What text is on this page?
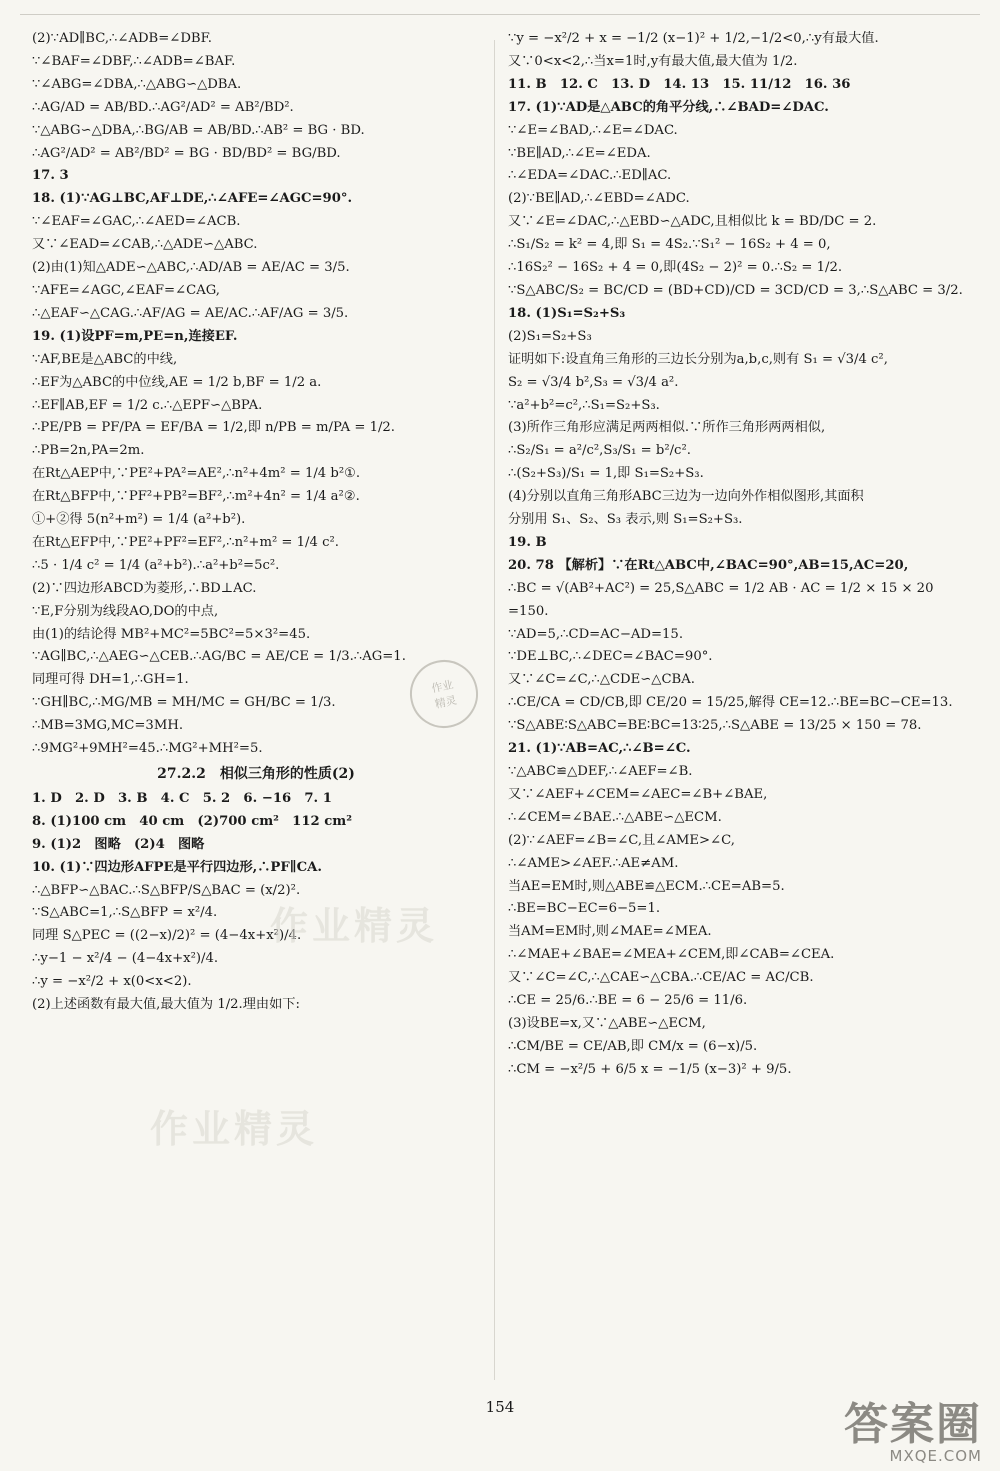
(2)∵AD∥BC,∴∠ADB=∠DBF.
∵∠BAF=∠DBF,∴∠ADB=∠BAF.
∵∠ABG=∠DBA,∴△ABG∽△DBA.
∴AG/AD = AB/BD.∴AG²/AD² = AB²/BD².
∵△ABG∽△DBA,∴BG/AB = AB/BD.∴AB² = BG · BD.
∴AG²/AD² = AB²/BD² = BG · BD/BD² = BG/BD.
17. 3
18. (1)∵AG⊥BC,AF⊥DE,∴∠AFE=∠AGC=90°.
∵∠EAF=∠GAC,∴∠AED=∠ACB.
又∵∠EAD=∠CAB,∴△ADE∽△ABC.
(2)由(1)知△ADE∽△ABC,∴AD/AB = AE/AC = 3/5.
∵AFE=∠AGC,∠EAF=∠CAG,
∴△EAF∽△CAG.∴AF/AG = AE/AC.∴AF/AG = 3/5.
19. (1)设PF=m,PE=n,连接EF.
∵AF,BE是△ABC的中线,
∴EF为△ABC的中位线,AE = 1/2 b,BF = 1/2 a.
∴EF∥AB,EF = 1/2 c.∴△EPF∽△BPA.
∴PE/PB = PF/PA = EF/BA = 1/2,即 n/PB = m/PA = 1/2.
∴PB=2n,PA=2m.
在Rt△AEP中,∵PE²+PA²=AE²,∴n²+4m² = 1/4 b²①.
在Rt△BFP中,∵PF²+PB²=BF²,∴m²+4n² = 1/4 a²②.
①+②得 5(n²+m²) = 1/4 (a²+b²).
在Rt△EFP中,∵PE²+PF²=EF²,∴n²+m² = 1/4 c².
∴5 · 1/4 c² = 1/4 (a²+b²).∴a²+b²=5c².
(2)∵四边形ABCD为菱形,∴BD⊥AC.
∵E,F分别为线段AO,DO的中点,
由(1)的结论得 MB²+MC²=5BC²=5×3²=45.
∵AG∥BC,∴△AEG∽△CEB.∴AG/BC = AE/CE = 1/3.∴AG=1.
同理可得 DH=1,∴GH=1.
∵GH∥BC,∴MG/MB = MH/MC = GH/BC = 1/3.
∴MB=3MG,MC=3MH.
∴9MG²+9MH²=45.∴MG²+MH²=5.
27.2.2　相似三角形的性质(2)
1. D　2. D　3. B　4. C　5. 2　6. −16　7. 1
8. (1)100 cm　40 cm　(2)700 cm²　112 cm²
9. (1)2　图略　(2)4　图略
10. (1)∵四边形AFPE是平行四边形,∴PF∥CA.
∴△BFP∽△BAC.∴S△BFP/S△BAC = (x/2)².
∵S△ABC=1,∴S△BFP = x²/4.
同理 S△PEC = ((2−x)/2)² = (4−4x+x²)/4.
∴y−1 − x²/4 − (4−4x+x²)/4.
∴y = −x²/2 + x(0<x<2).
(2)上述函数有最大值,最大值为 1/2.理由如下:
∵y = −x²/2 + x = −1/2 (x−1)² + 1/2,−1/2<0,∴y有最大值.
又∵0<x<2,∴当x=1时,y有最大值,最大值为 1/2.
11. B　12. C　13. D　14. 13　15. 11/12　16. 36
17. (1)∵AD是△ABC的角平分线,∴∠BAD=∠DAC.
∵∠E=∠BAD,∴∠E=∠DAC.
∵BE∥AD,∴∠E=∠EDA.
∴∠EDA=∠DAC.∴ED∥AC.
(2)∵BE∥AD,∴∠EBD=∠ADC.
又∵∠E=∠DAC,∴△EBD∽△ADC,且相似比 k = BD/DC = 2.
∴S₁/S₂ = k² = 4,即 S₁ = 4S₂.∵S₁² − 16S₂ + 4 = 0,
∴16S₂² − 16S₂ + 4 = 0,即(4S₂ − 2)² = 0.∴S₂ = 1/2.
∵S△ABC/S₂ = BC/CD = (BD+CD)/CD = 3CD/CD = 3,∴S△ABC = 3/2.
18. (1)S₁=S₂+S₃
(2)S₁=S₂+S₃
证明如下:设直角三角形的三边长分别为a,b,c,则有 S₁ = √3/4 c²,
S₂ = √3/4 b²,S₃ = √3/4 a².
∵a²+b²=c²,∴S₁=S₂+S₃.
(3)所作三角形应满足两两相似.∵所作三角形两两相似,
∴S₂/S₁ = a²/c²,S₃/S₁ = b²/c².
∴(S₂+S₃)/S₁ = 1,即 S₁=S₂+S₃.
(4)分别以直角三角形ABC三边为一边向外作相似图形,其面积
分别用 S₁、S₂、S₃ 表示,则 S₁=S₂+S₃.
19. B
20. 78 【解析】∵在Rt△ABC中,∠BAC=90°,AB=15,AC=20,
∴BC = √(AB²+AC²) = 25,S△ABC = 1/2 AB · AC = 1/2 × 15 × 20
=150.
∵AD=5,∴CD=AC−AD=15.
∵DE⊥BC,∴∠DEC=∠BAC=90°.
又∵∠C=∠C,∴△CDE∽△CBA.
∴CE/CA = CD/CB,即 CE/20 = 15/25,解得 CE=12.∴BE=BC−CE=13.
∵S△ABE∶S△ABC=BE∶BC=13∶25,∴S△ABE = 13/25 × 150 = 78.
21. (1)∵AB=AC,∴∠B=∠C.
∵△ABC≌△DEF,∴∠AEF=∠B.
又∵∠AEF+∠CEM=∠AEC=∠B+∠BAE,
∴∠CEM=∠BAE.∴△ABE∽△ECM.
(2)∵∠AEF=∠B=∠C,且∠AME>∠C,
∴∠AME>∠AEF.∴AE≠AM.
当AE=EM时,则△ABE≌△ECM.∴CE=AB=5.
∴BE=BC−EC=6−5=1.
当AM=EM时,则∠MAE=∠MEA.
∴∠MAE+∠BAE=∠MEA+∠CEM,即∠CAB=∠CEA.
又∵∠C=∠C,∴△CAE∽△CBA.∴CE/AC = AC/CB.
∴CE = 25/6.∴BE = 6 − 25/6 = 11/6.
(3)设BE=x,又∵△ABE∽△ECM,
∴CM/BE = CE/AB,即 CM/x = (6−x)/5.
∴CM = −x²/5 + 6/5 x = −1/5 (x−3)² + 9/5.
作业精灵
作业精灵
作业
精灵
154	答案圈
MXQE.COM
